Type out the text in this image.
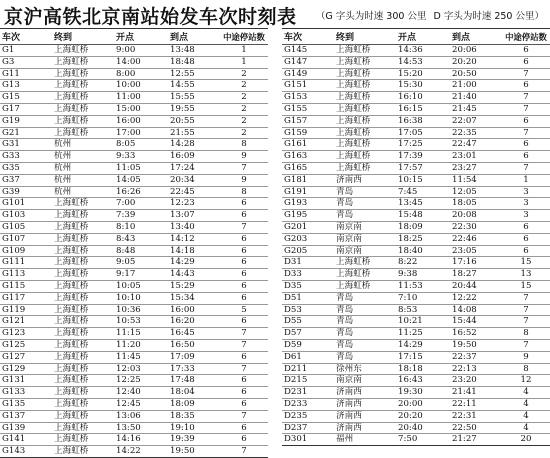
京沪高铁北京南站始发车次时刻表	（G 字头为时速 300 公里 D 字头为时速 250 公里）
车次	终到	开点	到点	中途停站数
G1	上海虹桥	9:00	13:48	1
G3	上海虹桥	14:00	18:48	1
G11	上海虹桥	8:00	12:55	2
G13	上海虹桥	10:00	14:55	2
G15	上海虹桥	11:00	15:55	2
G17	上海虹桥	15:00	19:55	2
G19	上海虹桥	16:00	20:55	2
G21	上海虹桥	17:00	21:55	2
G31	杭州	8:05	14:28	8
G33	杭州	9:33	16:09	9
G35	杭州	11:05	17:24	7
G37	杭州	14:05	20:34	9
G39	杭州	16:26	22:45	8
G101	上海虹桥	7:00	12:23	6
G103	上海虹桥	7:39	13:07	6
G105	上海虹桥	8:10	13:40	7
G107	上海虹桥	8:43	14:12	6
G109	上海虹桥	8:48	14:18	6
G111	上海虹桥	9:05	14:29	6
G113	上海虹桥	9:17	14:43	6
G115	上海虹桥	10:05	15:29	6
G117	上海虹桥	10:10	15:34	6
G119	上海虹桥	10:36	16:00	5
G121	上海虹桥	10:53	16:20	6
G123	上海虹桥	11:15	16:45	7
G125	上海虹桥	11:20	16:50	7
G127	上海虹桥	11:45	17:09	6
G129	上海虹桥	12:03	17:33	7
G131	上海虹桥	12:25	17:48	6
G133	上海虹桥	12:40	18:04	6
G135	上海虹桥	12:45	18:09	6
G137	上海虹桥	13:06	18:35	7
G139	上海虹桥	13:50	19:10	6
G141	上海虹桥	14:16	19:39	6
G143	上海虹桥	14:22	19:50	7
车次	终到	开点	到点	中途停站数
G145	上海虹桥	14:36	20:06	6
G147	上海虹桥	14:53	20:20	6
G149	上海虹桥	15:20	20:50	7
G151	上海虹桥	15:30	21:00	6
G153	上海虹桥	16:10	21:40	7
G155	上海虹桥	16:15	21:45	7
G157	上海虹桥	16:38	22:07	6
G159	上海虹桥	17:05	22:35	7
G161	上海虹桥	17:25	22:47	6
G163	上海虹桥	17:39	23:01	6
G165	上海虹桥	17:57	23:27	7
G181	济南西	10:15	11:54	1
G191	青岛	7:45	12:05	3
G193	青岛	13:45	18:05	3
G195	青岛	15:48	20:08	3
G201	南京南	18:09	22:30	6
G203	南京南	18:25	22:46	6
G205	南京南	18:40	23:05	6
D31	上海虹桥	8:22	17:16	15
D33	上海虹桥	9:38	18:27	13
D35	上海虹桥	11:53	20:44	15
D51	青岛	7:10	12:22	7
D53	青岛	8:53	14:08	7
D55	青岛	10:21	15:44	7
D57	青岛	11:25	16:52	8
D59	青岛	14:29	19:50	7
D61	青岛	17:15	22:37	9
D211	徐州东	18:18	22:13	8
D215	南京南	16:43	23:20	12
D231	济南西	19:30	21:41	4
D233	济南西	20:00	22:11	4
D235	济南西	20:20	22:31	4
D237	济南西	20:40	22:50	4
D301	福州	7:50	21:27	20
